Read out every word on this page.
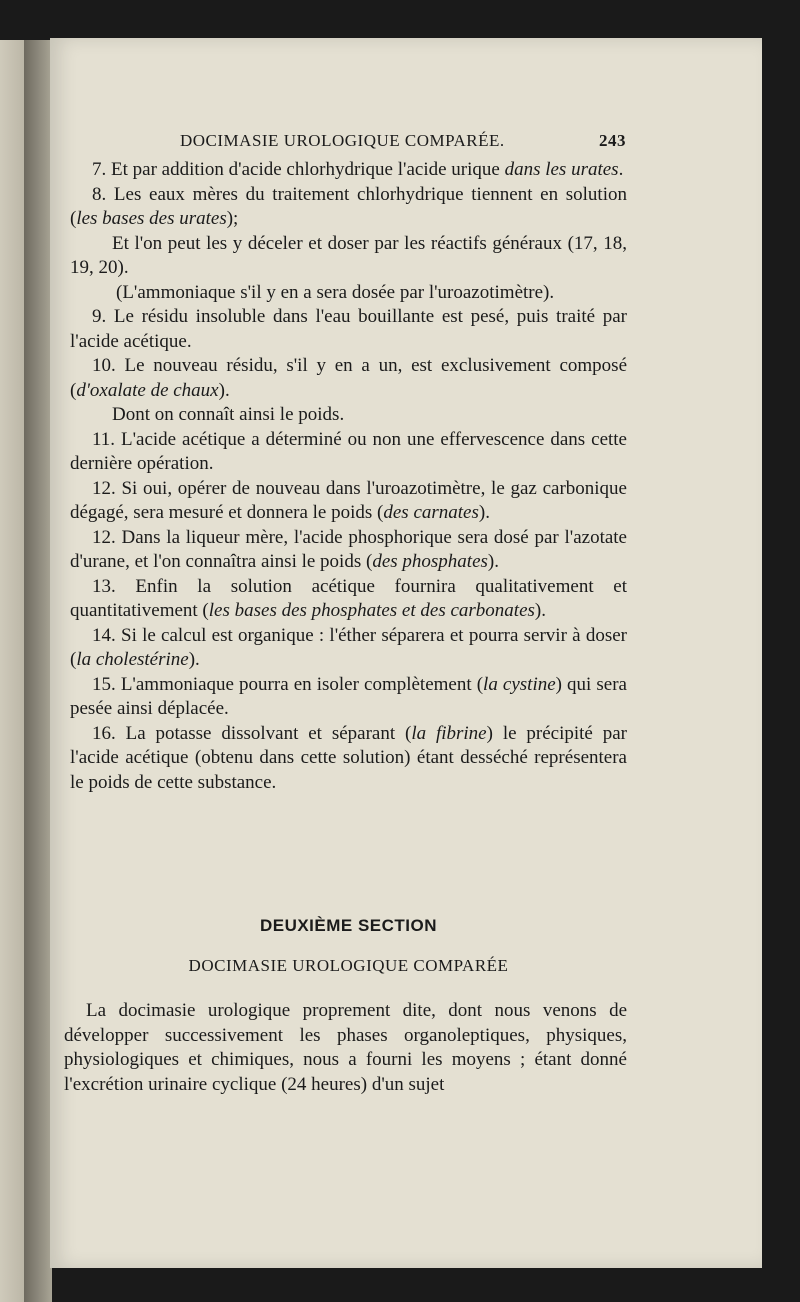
DOCIMASIE UROLOGIQUE COMPARÉE.	243

7. Et par addition d'acide chlorhydrique l'acide urique dans les urates.

8. Les eaux mères du traitement chlorhydrique tiennent en solution (les bases des urates);

Et l'on peut les y déceler et doser par les réactifs généraux (17, 18, 19, 20).

(L'ammoniaque s'il y en a sera dosée par l'uroazotimètre).

9. Le résidu insoluble dans l'eau bouillante est pesé, puis traité par l'acide acétique.

10. Le nouveau résidu, s'il y en a un, est exclusivement composé (d'oxalate de chaux).

Dont on connaît ainsi le poids.

11. L'acide acétique a déterminé ou non une effervescence dans cette dernière opération.

12. Si oui, opérer de nouveau dans l'uroazotimètre, le gaz carbonique dégagé, sera mesuré et donnera le poids (des carnates).

12. Dans la liqueur mère, l'acide phosphorique sera dosé par l'azotate d'urane, et l'on connaîtra ainsi le poids (des phosphates).

13. Enfin la solution acétique fournira qualitativement et quantitativement (les bases des phosphates et des carbonates).

14. Si le calcul est organique : l'éther séparera et pourra servir à doser (la cholestérine).

15. L'ammoniaque pourra en isoler complètement (la cystine) qui sera pesée ainsi déplacée.

16. La potasse dissolvant et séparant (la fibrine) le précipité par l'acide acétique (obtenu dans cette solution) étant desséché représentera le poids de cette substance.

DEUXIÈME SECTION
DOCIMASIE UROLOGIQUE COMPARÉE

La docimasie urologique proprement dite, dont nous venons de développer successivement les phases organoleptiques, physiques, physiologiques et chimiques, nous a fourni les moyens ; étant donné l'excrétion urinaire cyclique (24 heures) d'un sujet
